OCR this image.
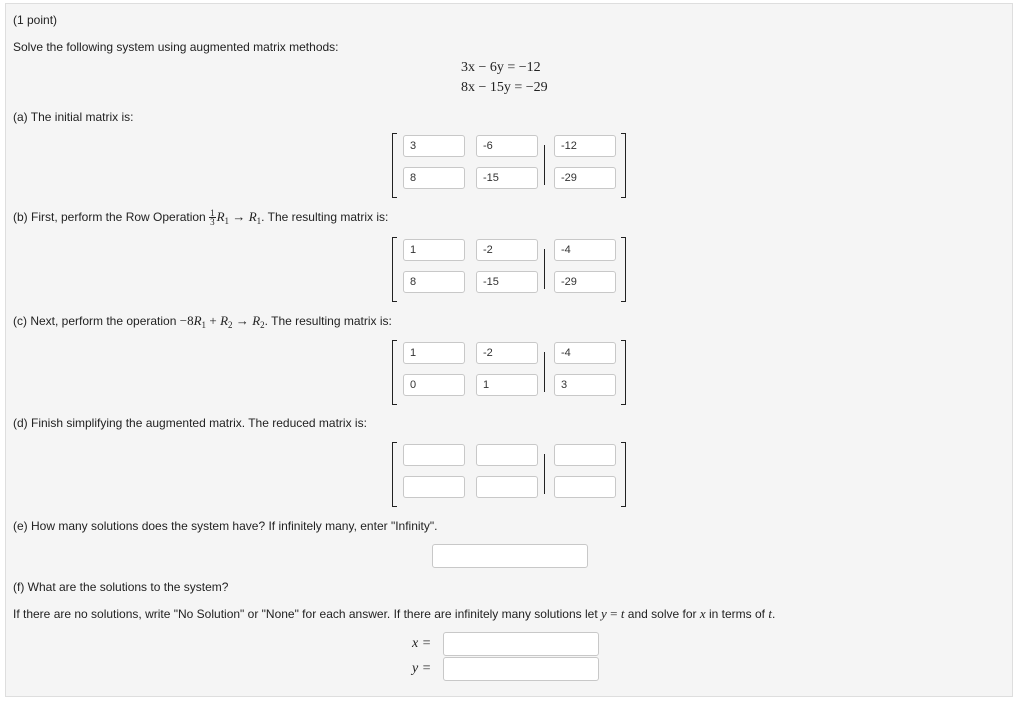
(1 point)
Solve the following system using augmented matrix methods:
3x − 6y = −12
8x − 15y = −29
(a) The initial matrix is:
3
-6
-12
8
-15
-29
(b) First, perform the Row Operation $\frac{1}{3} R_1 \to R_1$. The resulting matrix is:
1
-2
-4
8
-15
-29
(c) Next, perform the operation $-8R_1 + R_2 \to R_2$. The resulting matrix is:
1
-2
-4
0
1
3
(d) Finish simplifying the augmented matrix. The reduced matrix is:
(e) How many solutions does the system have? If infinitely many, enter "Infinity".
(f) What are the solutions to the system?
If there are no solutions, write "No Solution" or "None" for each answer. If there are infinitely many solutions let y = t and solve for x in terms of t.
x =
y =
